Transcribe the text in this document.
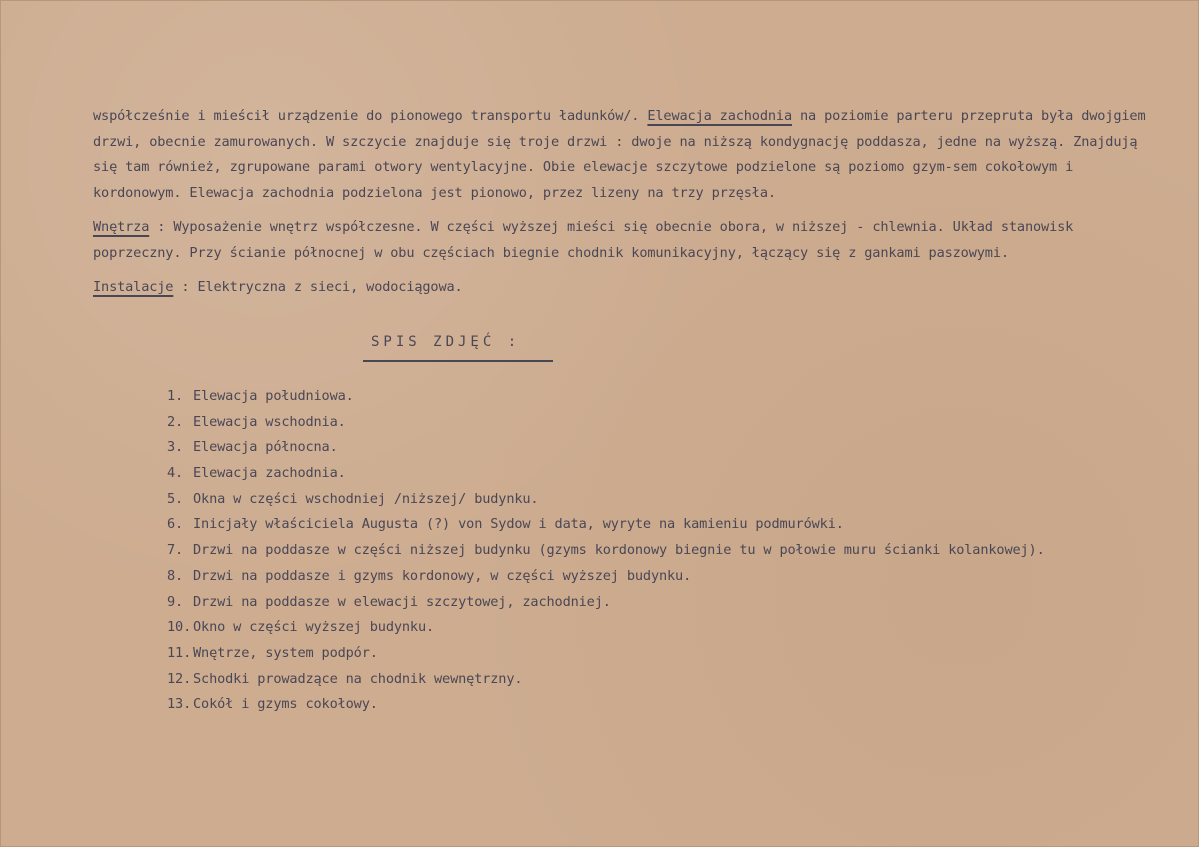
współcześnie i mieścił urządzenie do pionowego transportu ładunków/. Elewacja zachodnia na poziomie parteru przepruta była dwojgiem drzwi, obecnie zamurowanych. W szczycie znajduje się troje drzwi : dwoje na niższą kondygnację poddasza, jedne na wyższą. Znajdują się tam również, zgrupowane parami otwory wentylacyjne. Obie elewacje szczytowe podzielone są poziomo gzym-sem cokołowym i kordonowym. Elewacja zachodnia podzielona jest pionowo, przez lizeny na trzy przęsła.

Wnętrza : Wyposażenie wnętrz współczesne. W części wyższej mieści się obecnie obora, w niższej - chlewnia. Układ stanowisk poprzeczny. Przy ścianie północnej w obu częściach biegnie chodnik komunikacyjny, łączący się z gankami paszowymi.

Instalacje : Elektryczna z sieci, wodociągowa.

SPIS ZDJĘĆ :
1. Elewacja południowa.
2. Elewacja wschodnia.
3. Elewacja północna.
4. Elewacja zachodnia.
5. Okna w części wschodniej /niższej/ budynku.
6. Inicjały właściciela Augusta (?) von Sydow i data, wyryte na kamieniu podmurówki.
7. Drzwi na poddasze w części niższej budynku (gzyms kordonowy biegnie tu w połowie muru ścianki kolankowej).
8. Drzwi na poddasze i gzyms kordonowy, w części wyższej budynku.
9. Drzwi na poddasze w elewacji szczytowej, zachodniej.
10. Okno w części wyższej budynku.
11. Wnętrze, system podpór.
12. Schodki prowadzące na chodnik wewnętrzny.
13. Cokół i gzyms cokołowy.
